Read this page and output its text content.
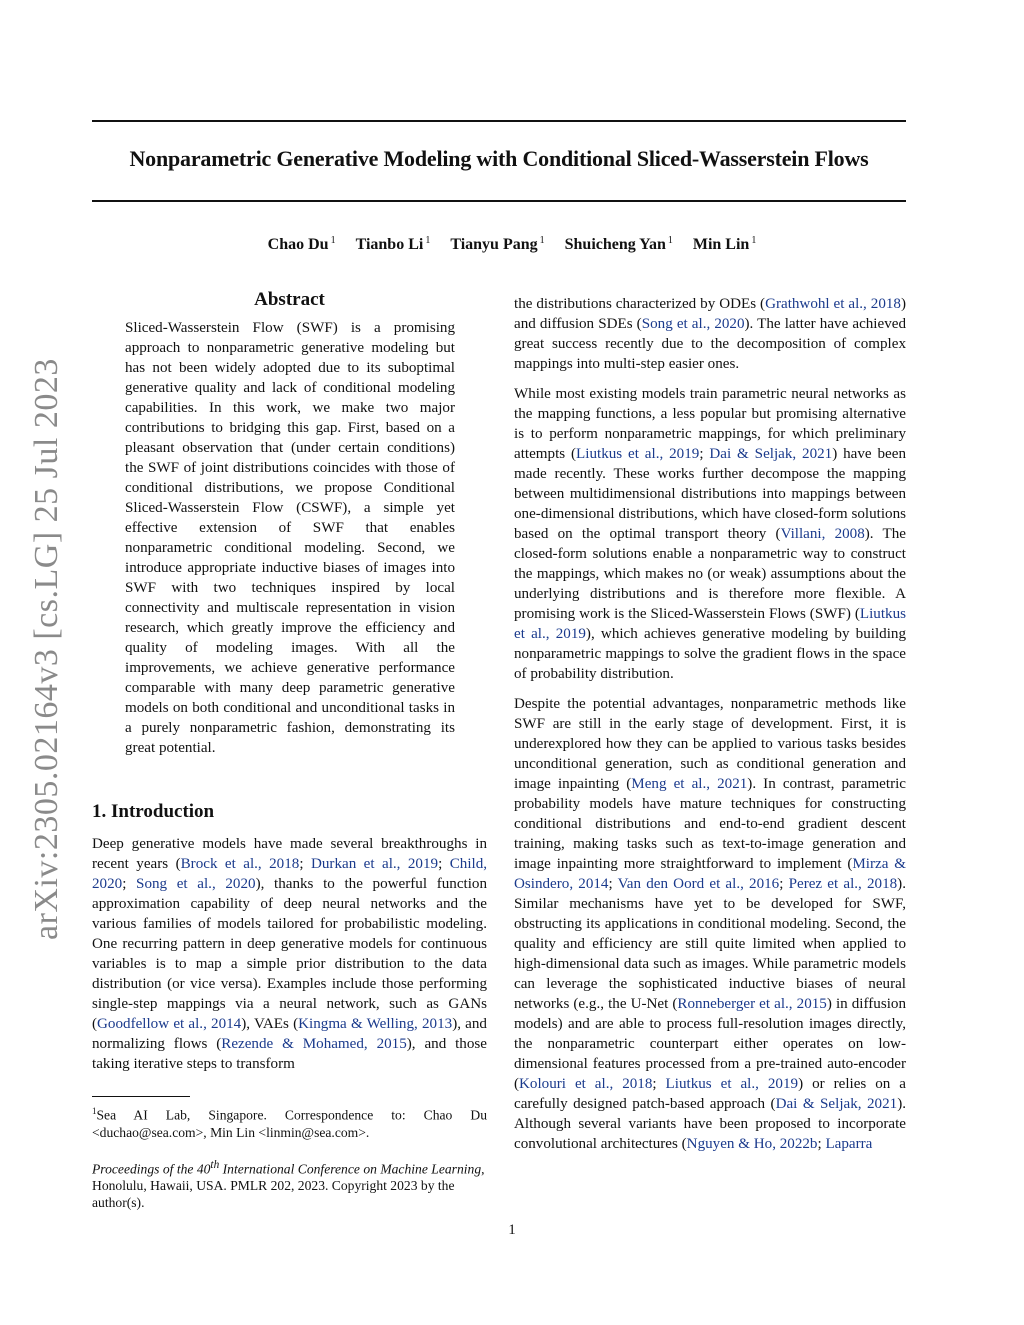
Nonparametric Generative Modeling with Conditional Sliced-Wasserstein Flows
Chao Du $^1$ Tianbo Li $^1$ Tianyu Pang $^1$ Shuicheng Yan $^1$ Min Lin $^1$
arXiv:2305.02164v3 [cs.LG] 25 Jul 2023
Abstract

Sliced-Wasserstein Flow (SWF) is a promising approach to nonparametric generative modeling but has not been widely adopted due to its suboptimal generative quality and lack of conditional modeling capabilities. In this work, we make two major contributions to bridging this gap. First, based on a pleasant observation that (under certain conditions) the SWF of joint distributions coincides with those of conditional distributions, we propose Conditional Sliced-Wasserstein Flow (CSWF), a simple yet effective extension of SWF that enables nonparametric conditional modeling. Second, we introduce appropriate inductive biases of images into SWF with two techniques inspired by local connectivity and multiscale representation in vision research, which greatly improve the efficiency and quality of modeling images. With all the improvements, we achieve generative performance comparable with many deep parametric generative models on both conditional and unconditional tasks in a purely nonparametric fashion, demonstrating its great potential.

1. Introduction

Deep generative models have made several breakthroughs in recent years (Brock et al., 2018; Durkan et al., 2019; Child, 2020; Song et al., 2020), thanks to the powerful function approximation capability of deep neural networks and the various families of models tailored for probabilistic modeling. One recurring pattern in deep generative models for continuous variables is to map a simple prior distribution to the data distribution (or vice versa). Examples include those performing single-step mappings via a neural network, such as GANs (Goodfellow et al., 2014), VAEs (Kingma & Welling, 2013), and normalizing flows (Rezende & Mohamed, 2015), and those taking iterative steps to transform

$^1$Sea AI Lab, Singapore. Correspondence to: Chao Du <duchao@sea.com>, Min Lin <linmin@sea.com>.

Proceedings of the 40th International Conference on Machine Learning, Honolulu, Hawaii, USA. PMLR 202, 2023. Copyright 2023 by the author(s).

the distributions characterized by ODEs (Grathwohl et al., 2018) and diffusion SDEs (Song et al., 2020). The latter have achieved great success recently due to the decomposition of complex mappings into multi-step easier ones.

While most existing models train parametric neural networks as the mapping functions, a less popular but promising alternative is to perform nonparametric mappings, for which preliminary attempts (Liutkus et al., 2019; Dai & Seljak, 2021) have been made recently. These works further decompose the mapping between multidimensional distributions into mappings between one-dimensional distributions, which have closed-form solutions based on the optimal transport theory (Villani, 2008). The closed-form solutions enable a nonparametric way to construct the mappings, which makes no (or weak) assumptions about the underlying distributions and is therefore more flexible. A promising work is the Sliced-Wasserstein Flows (SWF) (Liutkus et al., 2019), which achieves generative modeling by building nonparametric mappings to solve the gradient flows in the space of probability distribution.

Despite the potential advantages, nonparametric methods like SWF are still in the early stage of development. First, it is underexplored how they can be applied to various tasks besides unconditional generation, such as conditional generation and image inpainting (Meng et al., 2021). In contrast, parametric probability models have mature techniques for constructing conditional distributions and end-to-end gradient descent training, making tasks such as text-to-image generation and image inpainting more straightforward to implement (Mirza & Osindero, 2014; Van den Oord et al., 2016; Perez et al., 2018). Similar mechanisms have yet to be developed for SWF, obstructing its applications in conditional modeling. Second, the quality and efficiency are still quite limited when applied to high-dimensional data such as images. While parametric models can leverage the sophisticated inductive biases of neural networks (e.g., the U-Net (Ronneberger et al., 2015) in diffusion models) and are able to process full-resolution images directly, the nonparametric counterpart either operates on low-dimensional features processed from a pre-trained auto-encoder (Kolouri et al., 2018; Liutkus et al., 2019) or relies on a carefully designed patch-based approach (Dai & Seljak, 2021). Although several variants have been proposed to incorporate convolutional architectures (Nguyen & Ho, 2022b; Laparra

1
